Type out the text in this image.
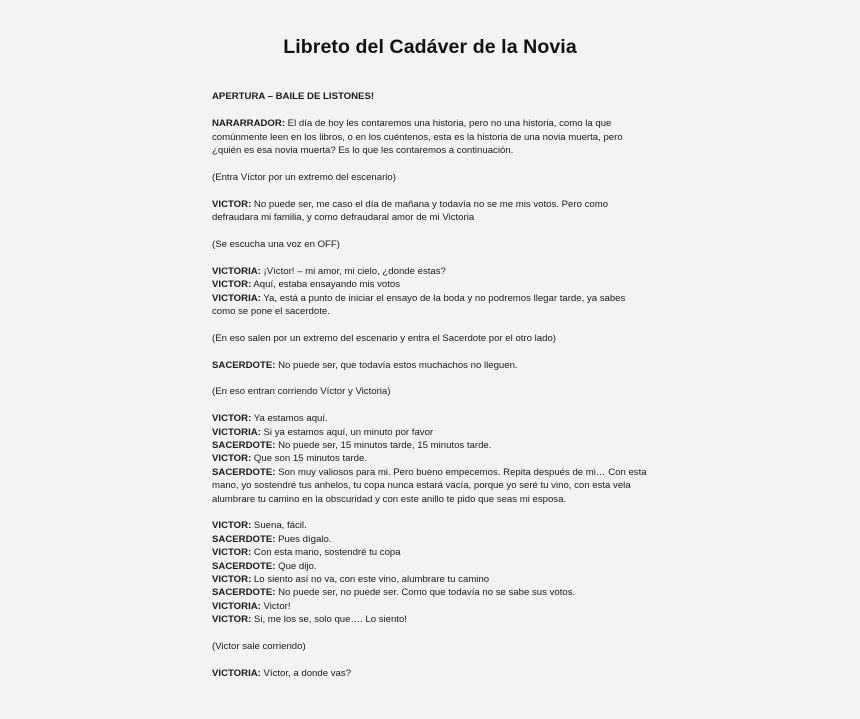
Libreto del Cadáver de la Novia
APERTURA – BAILE DE LISTONES!
NARARRADOR: El día de hoy les contaremos una historia, pero no una historia, como la que
comúnmente leen en los libros, o en los cuéntenos, esta es la historia de una novia muerta, pero
¿quién es esa novia muerta? Es lo que les contaremos a continuación.
(Entra Víctor por un extremo del escenario)
VICTOR: No puede ser, me caso el día de mañana y todavía no se me mis votos. Pero como
defraudara mi familia, y como defraudaral amor de mi Victoria
(Se escucha una voz en OFF)
VICTORIA: ¡Víctor! – mi amor, mi cielo, ¿donde estas?
VICTOR: Aquí, estaba ensayando mis votos
VICTORIA: Ya, está a punto de iniciar el ensayo de la boda y no podremos llegar tarde, ya sabes
como se pone el sacerdote.
(En eso salen por un extremo del escenario y entra el Sacerdote por el otro lado)
SACERDOTE: No puede ser, que todavía estos muchachos no lleguen.
(En eso entran corriendo Víctor y Victoria)
VICTOR: Ya estamos aquí.
VICTORIA: Si ya estamos aquí, un minuto por favor
SACERDOTE: No puede ser, 15 minutos tarde, 15 minutos tarde.
VICTOR: Que son 15 minutos tarde.
SACERDOTE: Son muy valiosos para mi. Pero bueno empecemos. Repita después de mi… Con esta
mano, yo sostendré tus anhelos, tu copa nunca estará vacía, porque yo seré tu vino, con esta vela
alumbrare tu camino en la obscuridad y con este anillo te pido que seas mi esposa.
VICTOR: Suena, fácil.
SACERDOTE: Pues dígalo.
VICTOR: Con esta mano, sostendré tu copa
SACERDOTE: Que dijo.
VICTOR: Lo siento así no va, con este vino, alumbrare tu camino
SACERDOTE: No puede ser, no puede ser. Como que todavía no se sabe sus votos.
VICTORIA: Victor!
VICTOR: Si, me los se, solo que…. Lo siento!
(Victor sale corriendo)
VICTORIA: Víctor, a donde vas?
